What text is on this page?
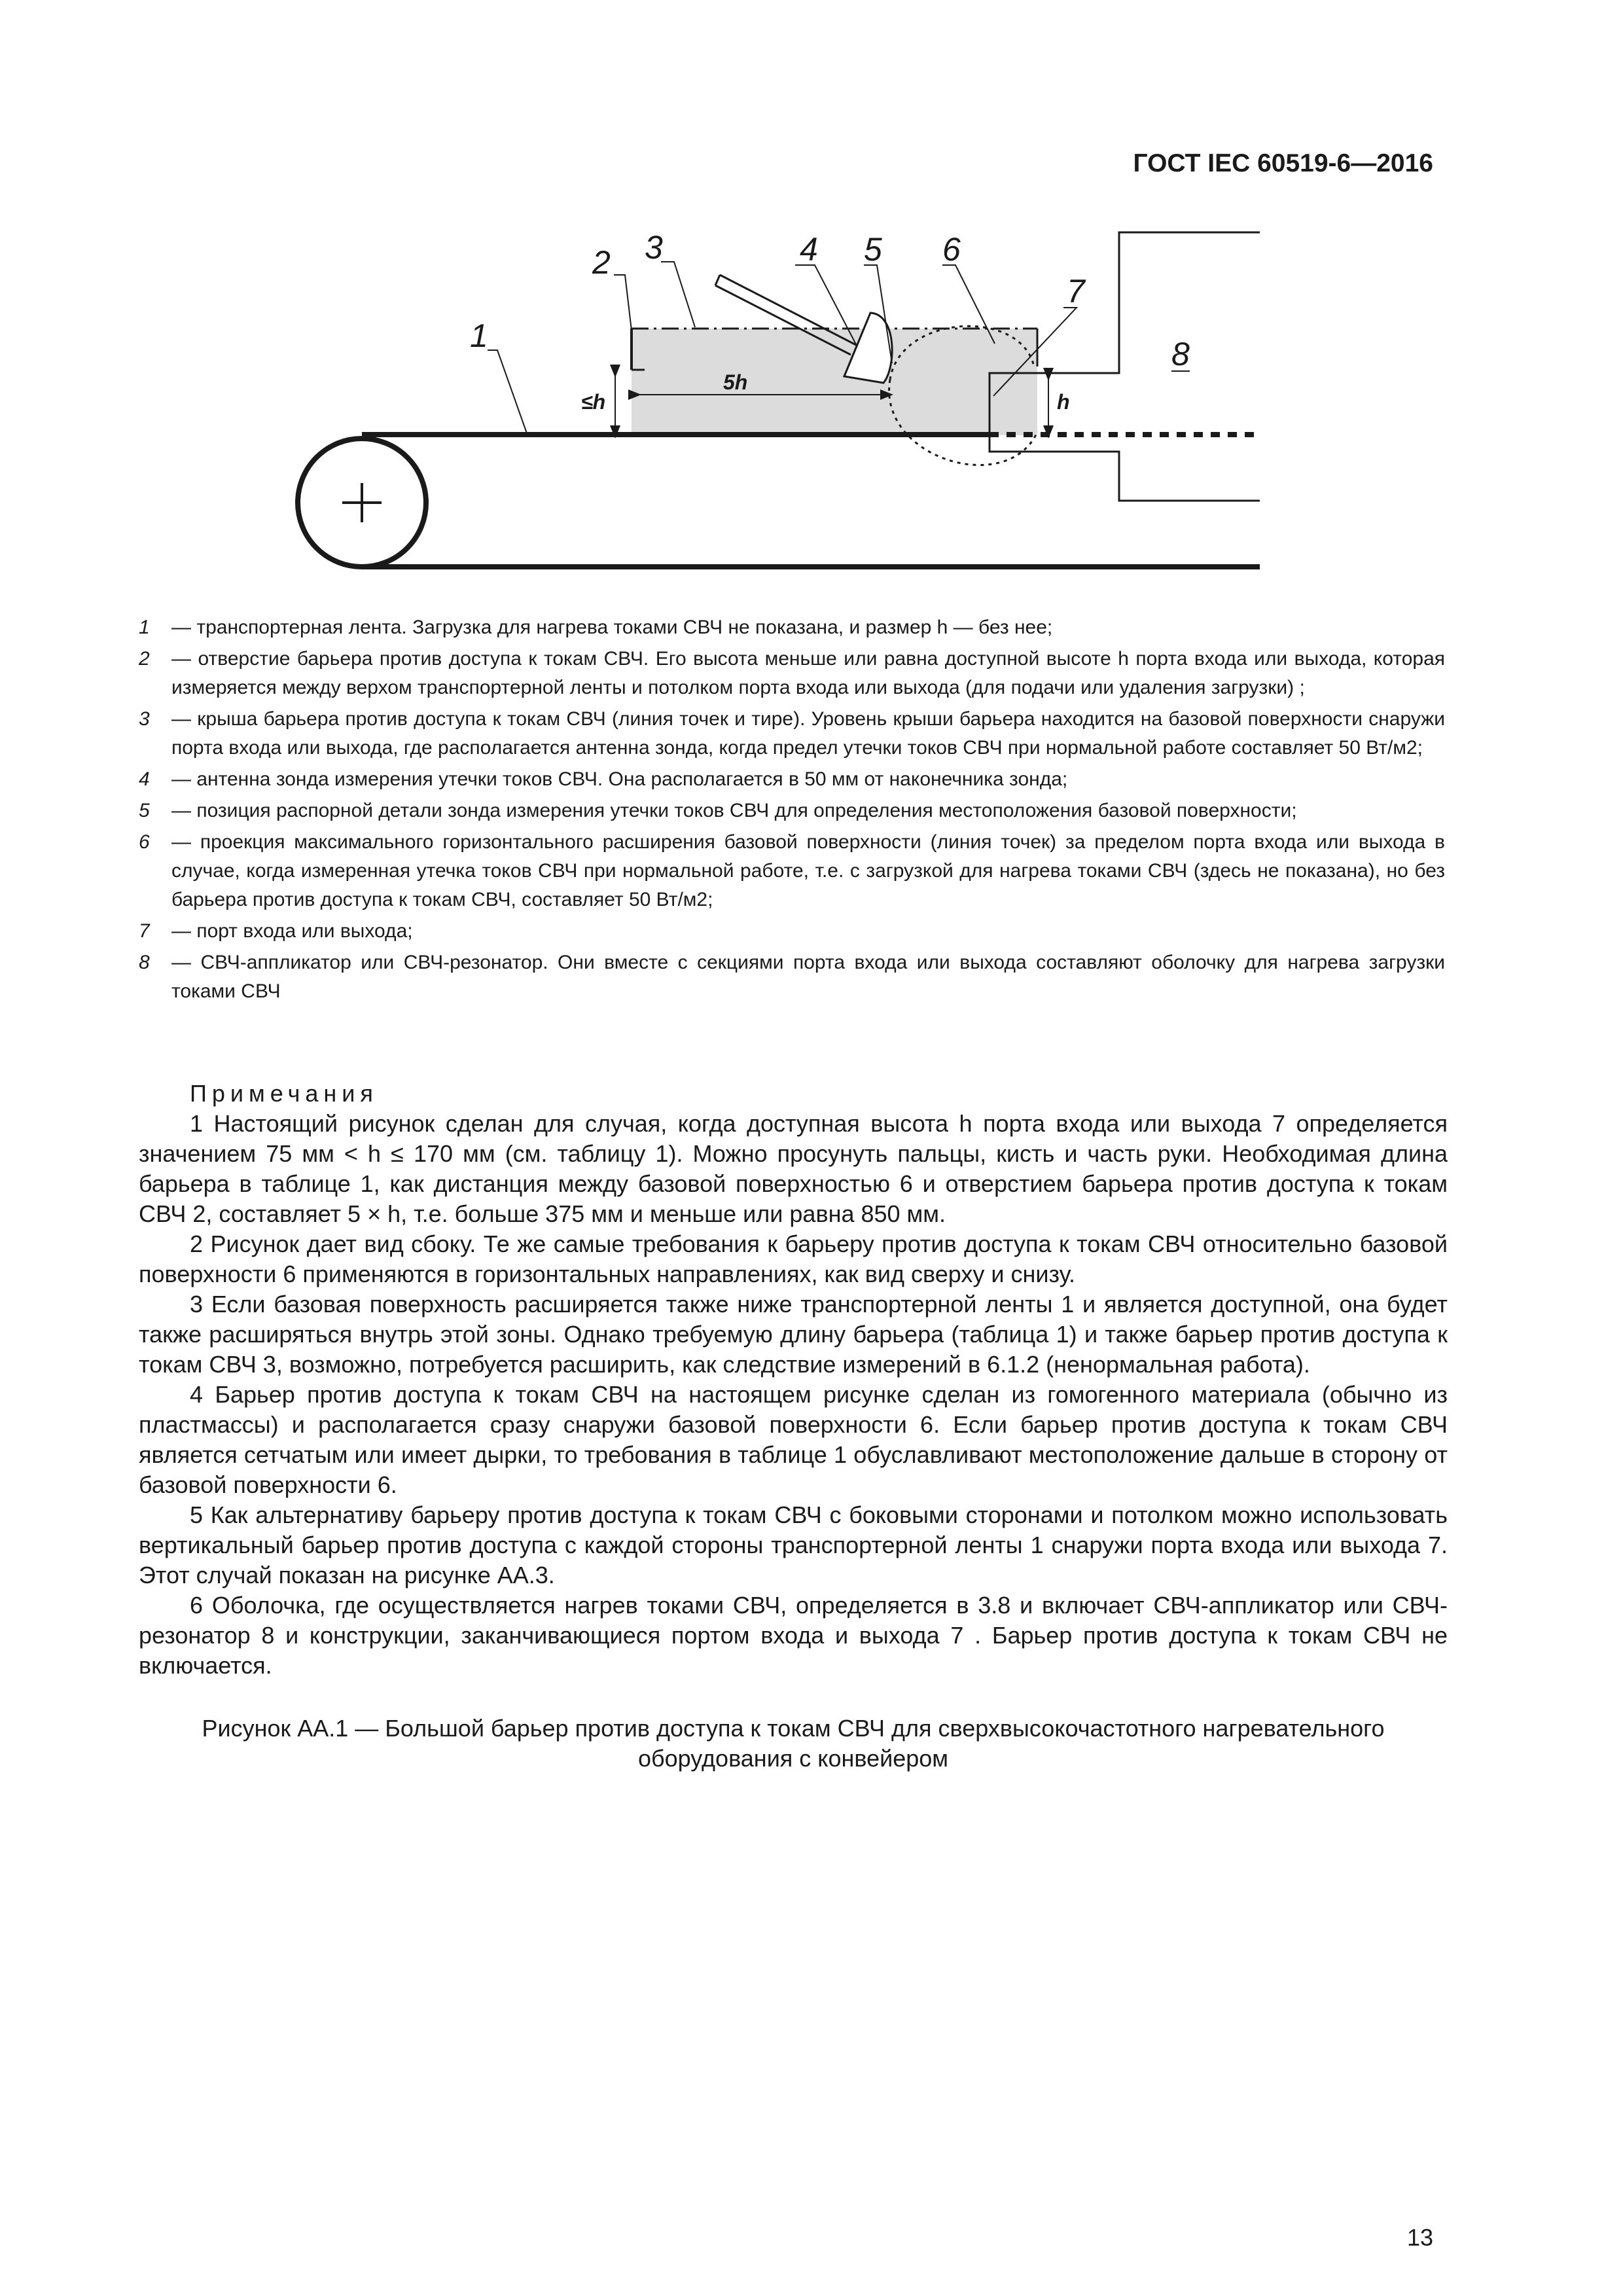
ГОСТ IEC 60519-6—2016
1
2 3	4 5 6
7
8
≤h
5h
h
1	— транспортерная лента. Загрузка для нагрева токами СВЧ не показана, и размер h — без нее;
2	— отверстие барьера против доступа к токам СВЧ. Его высота меньше или равна доступной высоте h порта входа или выхода, которая измеряется между верхом транспортерной ленты и потолком порта входа или выхода (для подачи или удаления загрузки) ;
3	— крыша барьера против доступа к токам СВЧ (линия точек и тире). Уровень крыши барьера находится на базовой поверхности снаружи порта входа или выхода, где располагается антенна зонда, когда предел утечки токов СВЧ при нормальной работе составляет 50 Вт/м2;
4	— антенна зонда измерения утечки токов СВЧ. Она располагается в 50 мм от наконечника зонда;
5	— позиция распорной детали зонда измерения утечки токов СВЧ для определения местоположения базовой поверхности;
6	— проекция максимального горизонтального расширения базовой поверхности (линия точек) за пределом порта входа или выхода в случае, когда измеренная утечка токов СВЧ при нормальной работе, т.е. с загрузкой для нагрева токами СВЧ (здесь не показана), но без барьера против доступа к токам СВЧ, составляет 50 Вт/м2;
7	— порт входа или выхода;
8	— СВЧ-аппликатор или СВЧ-резонатор. Они вместе с секциями порта входа или выхода составляют оболочку для нагрева загрузки токами СВЧ
Примечания

1 Настоящий рисунок сделан для случая, когда доступная высота h порта входа или выхода 7 определяется значением 75 мм < h ≤ 170 мм (см. таблицу 1). Можно просунуть пальцы, кисть и часть руки. Необходимая длина барьера в таблице 1, как дистанция между базовой поверхностью 6 и отверстием барьера против доступа к токам СВЧ 2, составляет 5 × h, т.е. больше 375 мм и меньше или равна 850 мм.

2 Рисунок дает вид сбоку. Те же самые требования к барьеру против доступа к токам СВЧ относительно базовой поверхности 6 применяются в горизонтальных направлениях, как вид сверху и снизу.

3 Если базовая поверхность расширяется также ниже транспортерной ленты 1 и является доступной, она будет также расширяться внутрь этой зоны. Однако требуемую длину барьера (таблица 1) и также барьер против доступа к токам СВЧ 3, возможно, потребуется расширить, как следствие измерений в 6.1.2 (ненормальная работа).

4 Барьер против доступа к токам СВЧ на настоящем рисунке сделан из гомогенного материала (обычно из пластмассы) и располагается сразу снаружи базовой поверхности 6. Если барьер против доступа к токам СВЧ является сетчатым или имеет дырки, то требования в таблице 1 обуславливают местоположение дальше в сторону от базовой поверхности 6.

5 Как альтернативу барьеру против доступа к токам СВЧ с боковыми сторонами и потолком можно использовать вертикальный барьер против доступа с каждой стороны транспортерной ленты 1 снаружи порта входа или выхода 7. Этот случай показан на рисунке АА.3.

6 Оболочка, где осуществляется нагрев токами СВЧ, определяется в 3.8 и включает СВЧ-аппликатор или СВЧ-резонатор 8 и конструкции, заканчивающиеся портом входа и выхода 7 . Барьер против доступа к токам СВЧ не включается.

Рисунок АА.1 — Большой барьер против доступа к токам СВЧ для сверхвысокочастотного нагревательного оборудования с конвейером
13
